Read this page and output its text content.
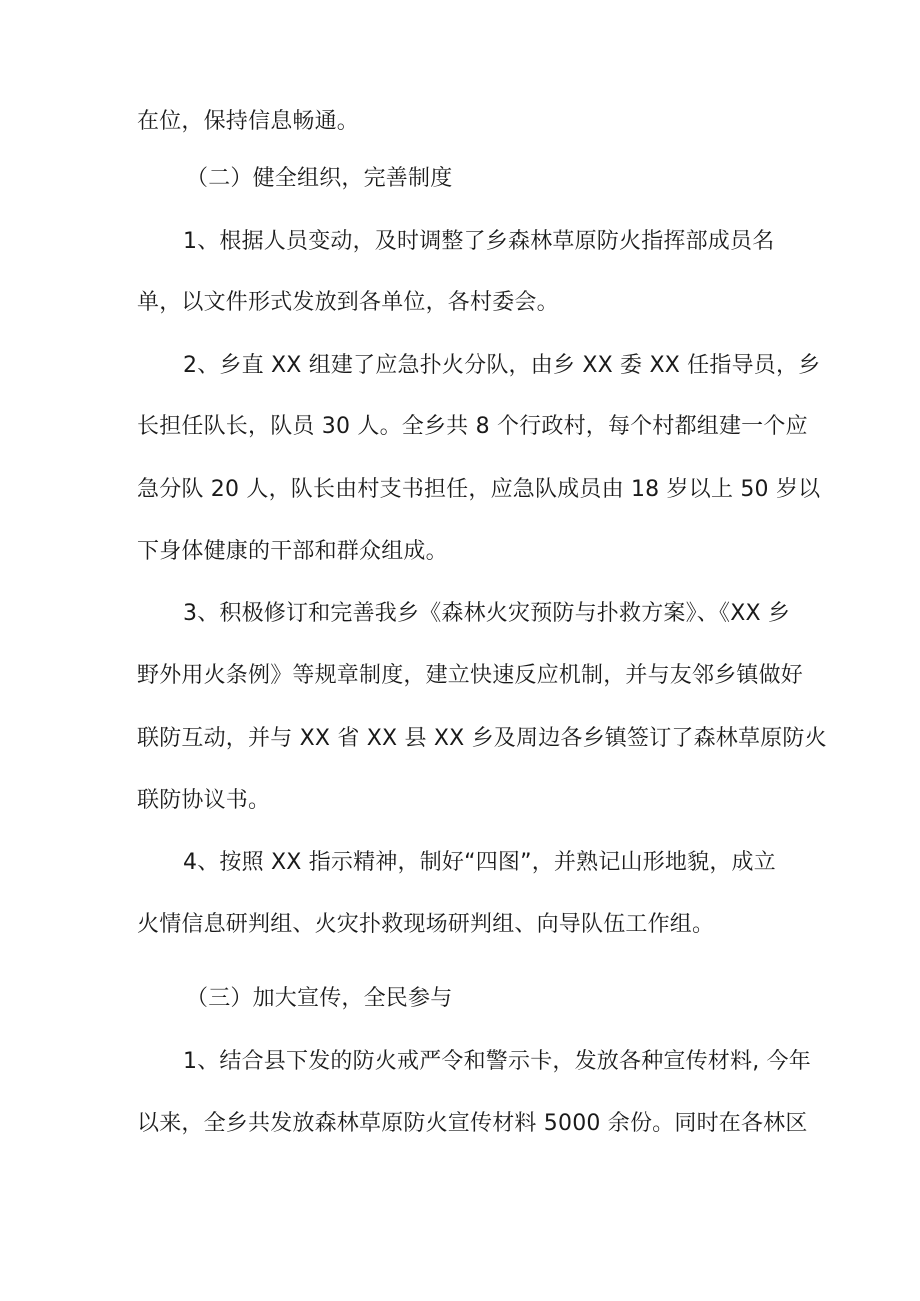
在位，保持信息畅通。
（二）健全组织，完善制度
1、根据人员变动，及时调整了乡森林草原防火指挥部成员名
单，以文件形式发放到各单位，各村委会。
2、乡直 XX 组建了应急扑火分队，由乡 XX 委 XX 任指导员，乡
长担任队长，队员 30 人。全乡共 8 个行政村，每个村都组建一个应
急分队 20 人，队长由村支书担任，应急队成员由 18 岁以上 50 岁以
下身体健康的干部和群众组成。
3、积极修订和完善我乡《森林火灾预防与扑救方案》、《XX 乡
野外用火条例》等规章制度，建立快速反应机制，并与友邻乡镇做好
联防互动，并与 XX 省 XX 县 XX 乡及周边各乡镇签订了森林草原防火
联防协议书。
4、按照 XX 指示精神，制好“四图”，并熟记山形地貌，成立
火情信息研判组、火灾扑救现场研判组、向导队伍工作组。
（三）加大宣传，全民参与
1、结合县下发的防火戒严令和警示卡，发放各种宣传材料, 今年
以来，全乡共发放森林草原防火宣传材料 5000 余份。同时在各林区
